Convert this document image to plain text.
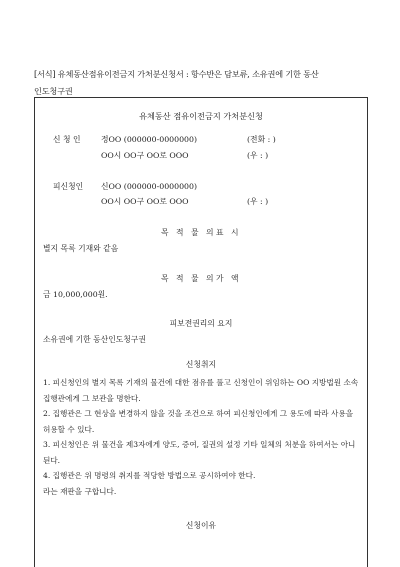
[서식] 유체동산점유이전금지 가처분신청서 : 항수반은 담보류, 소유권에 기한 동산
인도청구권
유체동산 점유이전금지 가처분신청
신 청 인	정OO (000000-0000000)	(전화 : )
OO시 OO구 OO로 OOO	(우 : )
피신청인 신OO (000000-0000000)
OO시 OO구 OO로 OOO	(우 : )
목 적 물 의표 시
별지 목록 기재와 같음
목 적 물 의가 액
금 10,000,000원.
피보전권리의 요지
소유권에 기한 동산인도청구권
신청취지
1. 피신청인의 별지 목록 기재의 물건에 대한 점유를 풀고 신청인이 위임하는 OO 지방법원 소속 집행관에게 그 보관을 명한다.
2. 집행관은 그 현상을 변경하지 않을 것을 조건으로 하여 피신청인에게 그 용도에 따라 사용을 허용할 수 있다.
3. 피신청인은 위 물건을 제3자에게 양도, 증여, 질권의 설정 기타 일체의 처분을 하여서는 아니된다.
4. 집행관은 위 명령의 취지를 적당한 방법으로 공시하여야 한다.
라는 재판을 구합니다.
신청이유
